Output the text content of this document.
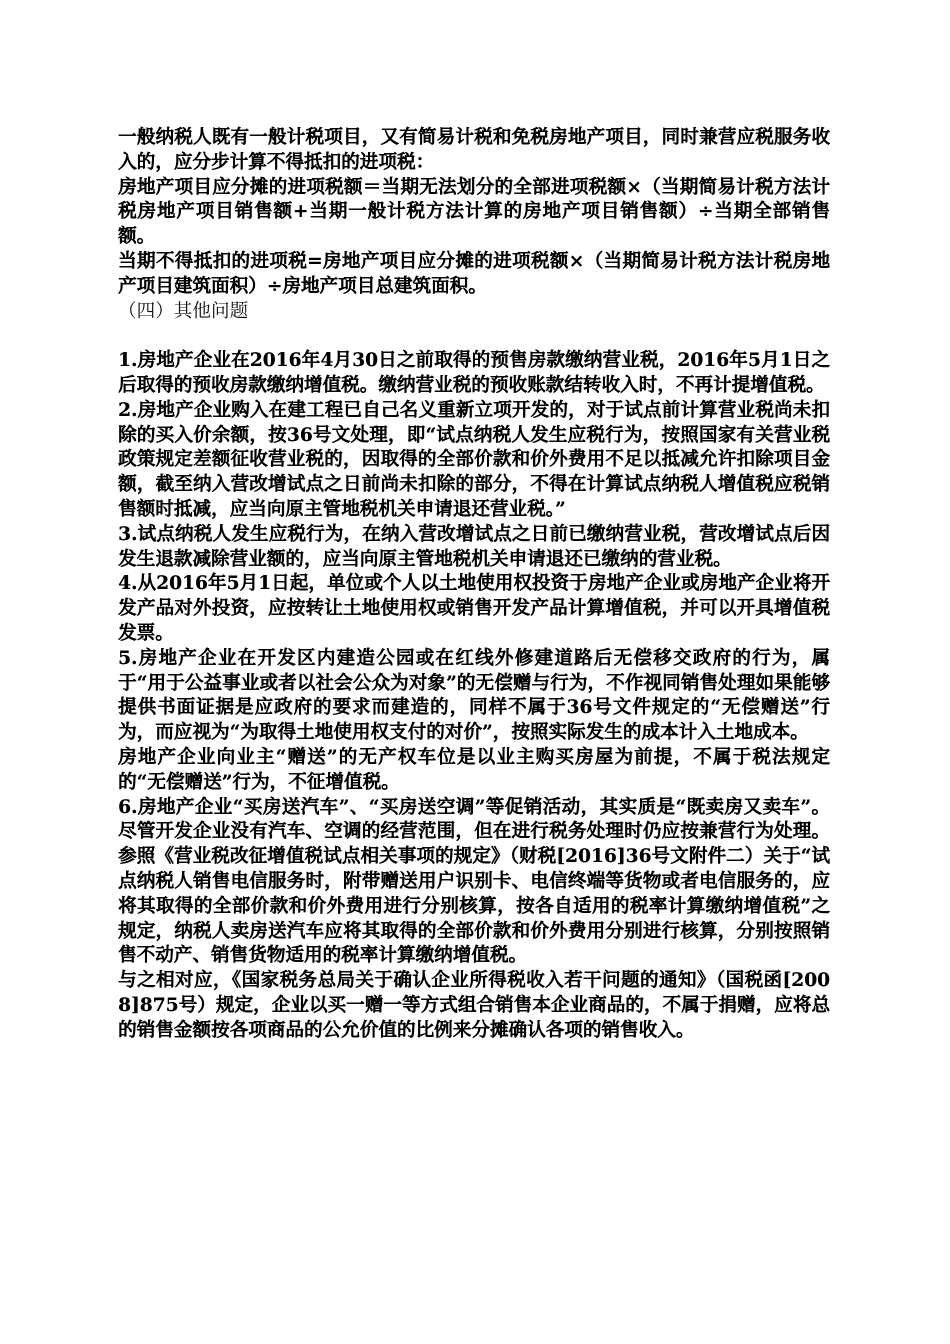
一般纳税人既有一般计税项目，又有简易计税和免税房地产项目，同时兼营应税服务收入的，应分步计算不得抵扣的进项税：

房地产项目应分摊的进项税额＝当期无法划分的全部进项税额×（当期简易计税方法计税房地产项目销售额+当期一般计税方法计算的房地产项目销售额）÷当期全部销售额。

当期不得抵扣的进项税=房地产项目应分摊的进项税额×（当期简易计税方法计税房地产项目建筑面积）÷房地产项目总建筑面积。

（四）其他问题

1.房地产企业在2016年4月30日之前取得的预售房款缴纳营业税，2016年5月1日之后取得的预收房款缴纳增值税。缴纳营业税的预收账款结转收入时，不再计提增值税。

2.房地产企业购入在建工程已自己名义重新立项开发的，对于试点前计算营业税尚未扣除的买入价余额，按36号文处理，即“试点纳税人发生应税行为，按照国家有关营业税政策规定差额征收营业税的，因取得的全部价款和价外费用不足以抵减允许扣除项目金额，截至纳入营改增试点之日前尚未扣除的部分，不得在计算试点纳税人增值税应税销售额时抵减，应当向原主管地税机关申请退还营业税。”

3.试点纳税人发生应税行为，在纳入营改增试点之日前已缴纳营业税，营改增试点后因发生退款减除营业额的，应当向原主管地税机关申请退还已缴纳的营业税。

4.从2016年5月1日起，单位或个人以土地使用权投资于房地产企业或房地产企业将开发产品对外投资，应按转让土地使用权或销售开发产品计算增值税，并可以开具增值税发票。

5.房地产企业在开发区内建造公园或在红线外修建道路后无偿移交政府的行为，属于“用于公益事业或者以社会公众为对象”的无偿赠与行为，不作视同销售处理如果能够提供书面证据是应政府的要求而建造的，同样不属于36号文件规定的“无偿赠送”行为，而应视为“为取得土地使用权支付的对价”，按照实际发生的成本计入土地成本。

房地产企业向业主“赠送”的无产权车位是以业主购买房屋为前提，不属于税法规定的“无偿赠送”行为，不征增值税。

6.房地产企业“买房送汽车”、“买房送空调”等促销活动，其实质是“既卖房又卖车”。尽管开发企业没有汽车、空调的经营范围，但在进行税务处理时仍应按兼营行为处理。参照《营业税改征增值税试点相关事项的规定》（财税[2016]36号文附件二）关于“试点纳税人销售电信服务时，附带赠送用户识别卡、电信终端等货物或者电信服务的，应将其取得的全部价款和价外费用进行分别核算，按各自适用的税率计算缴纳增值税”之规定，纳税人卖房送汽车应将其取得的全部价款和价外费用分别进行核算，分别按照销售不动产、销售货物适用的税率计算缴纳增值税。

与之相对应，《国家税务总局关于确认企业所得税收入若干问题的通知》（国税函[2008]875号）规定，企业以买一赠一等方式组合销售本企业商品的，不属于捐赠，应将总的销售金额按各项商品的公允价值的比例来分摊确认各项的销售收入。
